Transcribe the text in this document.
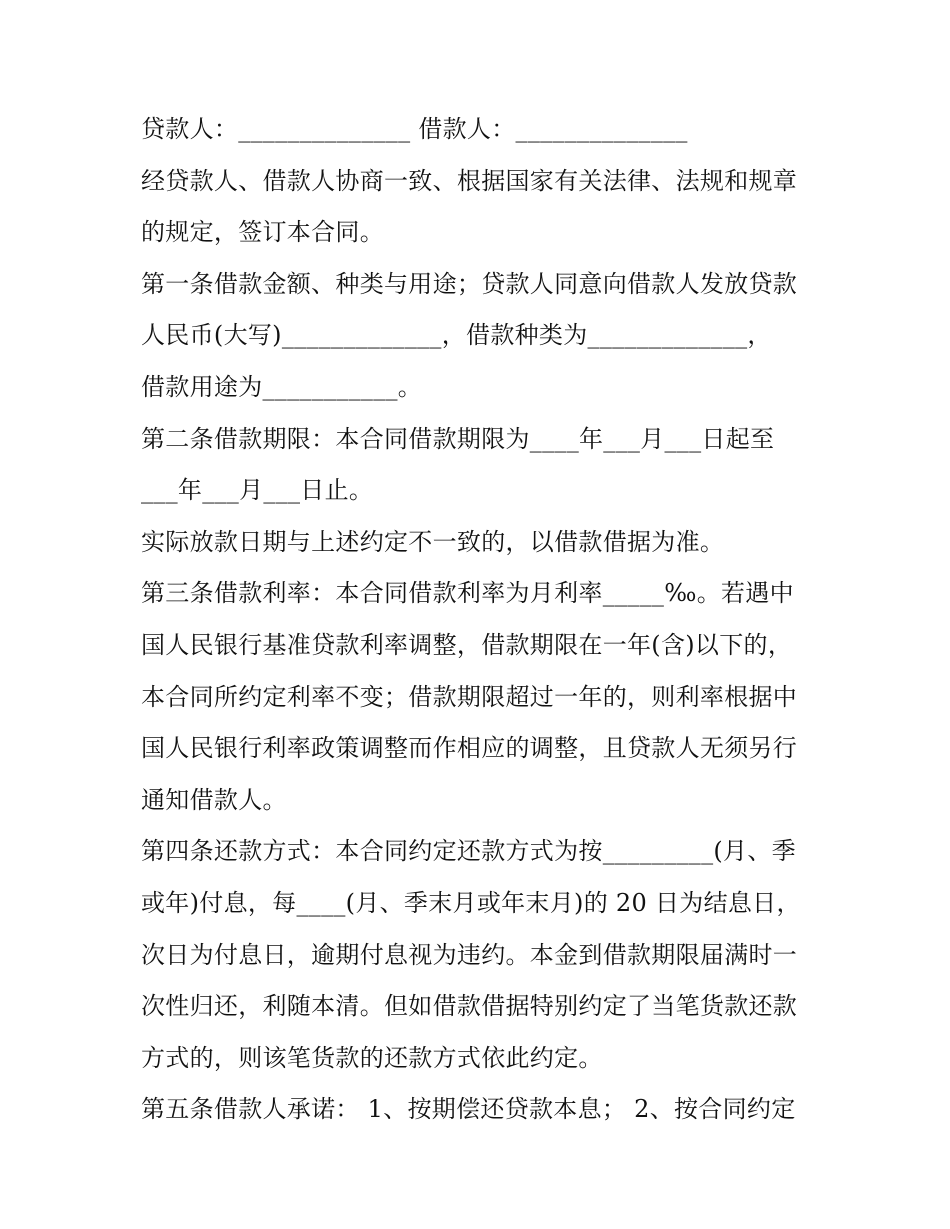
贷款人：______________ 借款人：______________

经贷款人、借款人协商一致、根据国家有关法律、法规和规章

的规定，签订本合同。

第一条借款金额、种类与用途；贷款人同意向借款人发放贷款

人民币(大写)_____________，借款种类为_____________，

借款用途为___________。

第二条借款期限：本合同借款期限为____年___月___日起至

___年___月___日止。

实际放款日期与上述约定不一致的，以借款借据为准。

第三条借款利率：本合同借款利率为月利率_____‰。若遇中

国人民银行基准贷款利率调整，借款期限在一年(含)以下的，

本合同所约定利率不变；借款期限超过一年的，则利率根据中

国人民银行利率政策调整而作相应的调整，且贷款人无须另行

通知借款人。

第四条还款方式：本合同约定还款方式为按_________(月、季

或年)付息，每____(月、季末月或年末月)的 20 日为结息日，

次日为付息日，逾期付息视为违约。本金到借款期限届满时一

次性归还，利随本清。但如借款借据特别约定了当笔货款还款

方式的，则该笔货款的还款方式依此约定。

第五条借款人承诺： 1、按期偿还贷款本息； 2、按合同约定
